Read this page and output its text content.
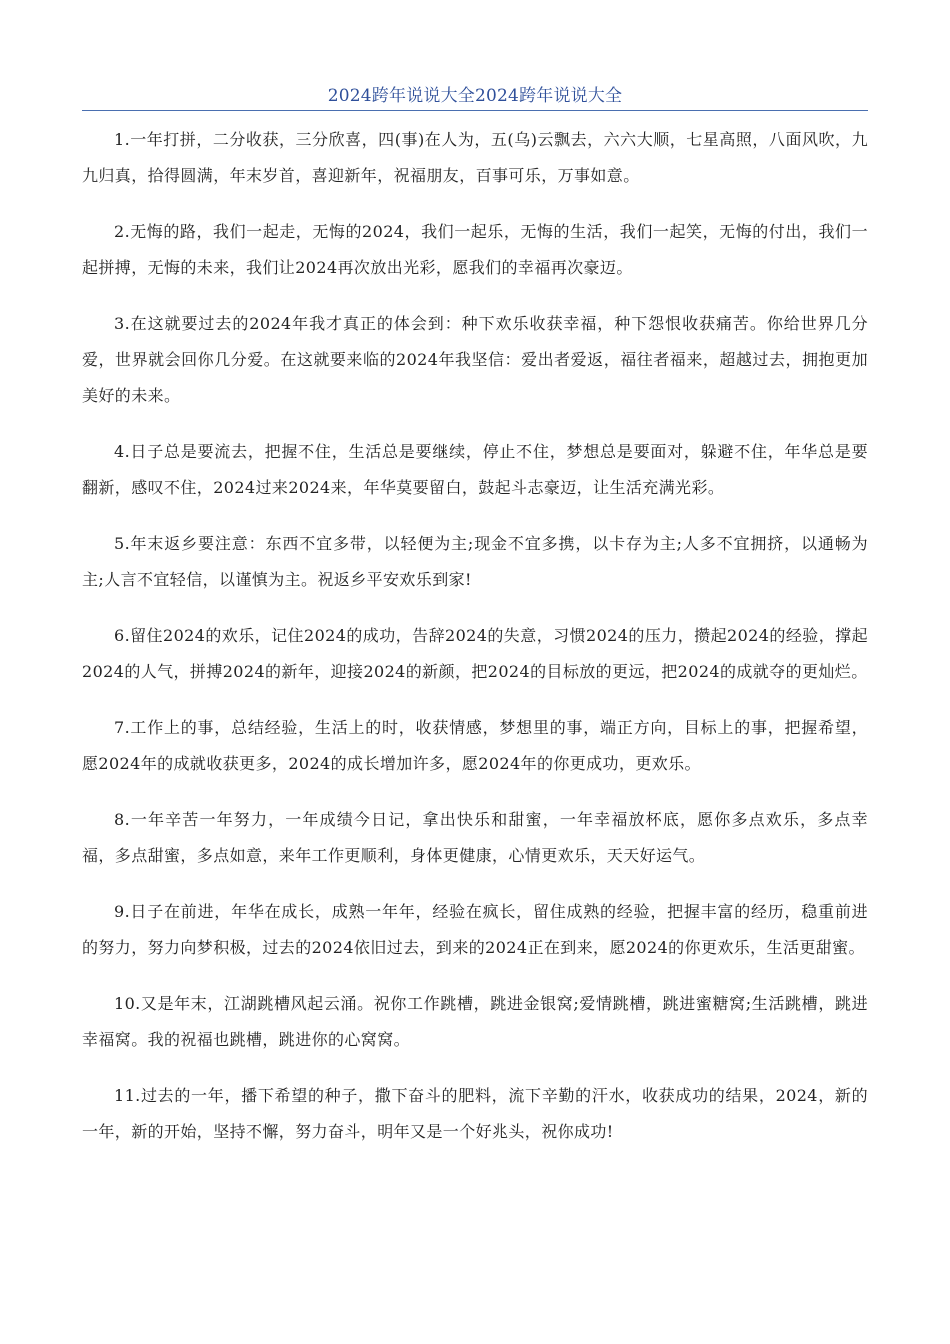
2024跨年说说大全2024跨年说说大全

1.一年打拼，二分收获，三分欣喜，四(事)在人为，五(乌)云飘去，六六大顺，七星高照，八面风吹，九九归真，拾得圆满，年末岁首，喜迎新年，祝福朋友，百事可乐，万事如意。

2.无悔的路，我们一起走，无悔的2024，我们一起乐，无悔的生活，我们一起笑，无悔的付出，我们一起拼搏，无悔的未来，我们让2024再次放出光彩，愿我们的幸福再次豪迈。

3.在这就要过去的2024年我才真正的体会到：种下欢乐收获幸福，种下怨恨收获痛苦。你给世界几分爱，世界就会回你几分爱。在这就要来临的2024年我坚信：爱出者爱返，福往者福来，超越过去，拥抱更加美好的未来。

4.日子总是要流去，把握不住，生活总是要继续，停止不住，梦想总是要面对，躲避不住，年华总是要翻新，感叹不住，2024过来2024来，年华莫要留白，鼓起斗志豪迈，让生活充满光彩。

5.年末返乡要注意：东西不宜多带，以轻便为主;现金不宜多携，以卡存为主;人多不宜拥挤，以通畅为主;人言不宜轻信，以谨慎为主。祝返乡平安欢乐到家!

6.留住2024的欢乐，记住2024的成功，告辞2024的失意，习惯2024的压力，攒起2024的经验，撑起2024的人气，拼搏2024的新年，迎接2024的新颜，把2024的目标放的更远，把2024的成就夺的更灿烂。

7.工作上的事，总结经验，生活上的时，收获情感，梦想里的事，端正方向，目标上的事，把握希望，愿2024年的成就收获更多，2024的成长增加许多，愿2024年的你更成功，更欢乐。

8.一年辛苦一年努力，一年成绩今日记，拿出快乐和甜蜜，一年幸福放杯底，愿你多点欢乐，多点幸福，多点甜蜜，多点如意，来年工作更顺利，身体更健康，心情更欢乐，天天好运气。

9.日子在前进，年华在成长，成熟一年年，经验在疯长，留住成熟的经验，把握丰富的经历，稳重前进的努力，努力向梦积极，过去的2024依旧过去，到来的2024正在到来，愿2024的你更欢乐，生活更甜蜜。

10.又是年末，江湖跳槽风起云涌。祝你工作跳槽，跳进金银窝;爱情跳槽，跳进蜜糖窝;生活跳槽，跳进幸福窝。我的祝福也跳槽，跳进你的心窝窝。

11.过去的一年，播下希望的种子，撒下奋斗的肥料，流下辛勤的汗水，收获成功的结果，2024，新的一年，新的开始，坚持不懈，努力奋斗，明年又是一个好兆头，祝你成功!
